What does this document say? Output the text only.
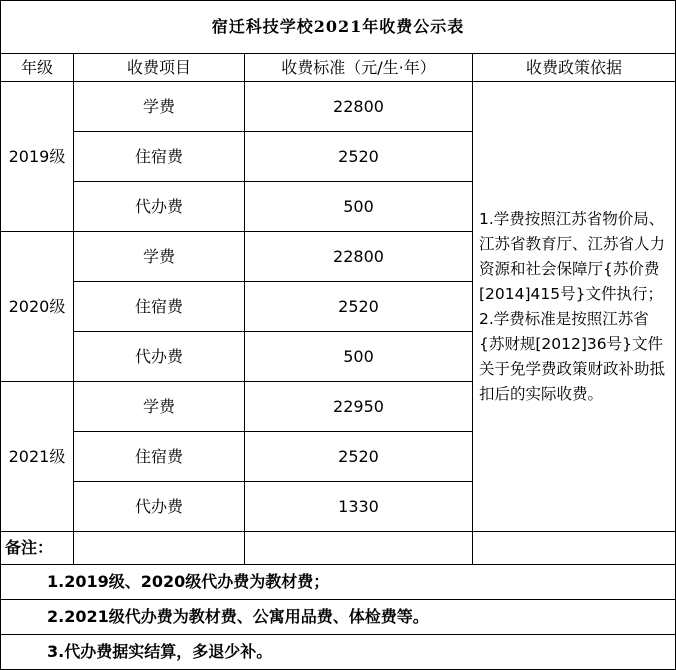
宿迁科技学校2021年收费公示表			
年级	收费项目	收费标准（元/生·年）	收费政策依据
2019级	学费	22800	1.学费按照江苏省物价局、江苏省教育厅、江苏省人力资源和社会保障厅{苏价费[2014]415号}文件执行；

2.学费标准是按照江苏省{苏财规[2012]36号}文件关于免学费政策财政补助抵扣后的实际收费。

	住宿费	2520	
	代办费	500	
2020级	学费	22800	
	住宿费	2520	
	代办费	500	
2021级	学费	22950	
	住宿费	2520	
	代办费	1330	
备注：			
1.2019级、2020级代办费为教材费；			
2.2021级代办费为教材费、公寓用品费、体检费等。			
3.代办费据实结算，多退少补。			
